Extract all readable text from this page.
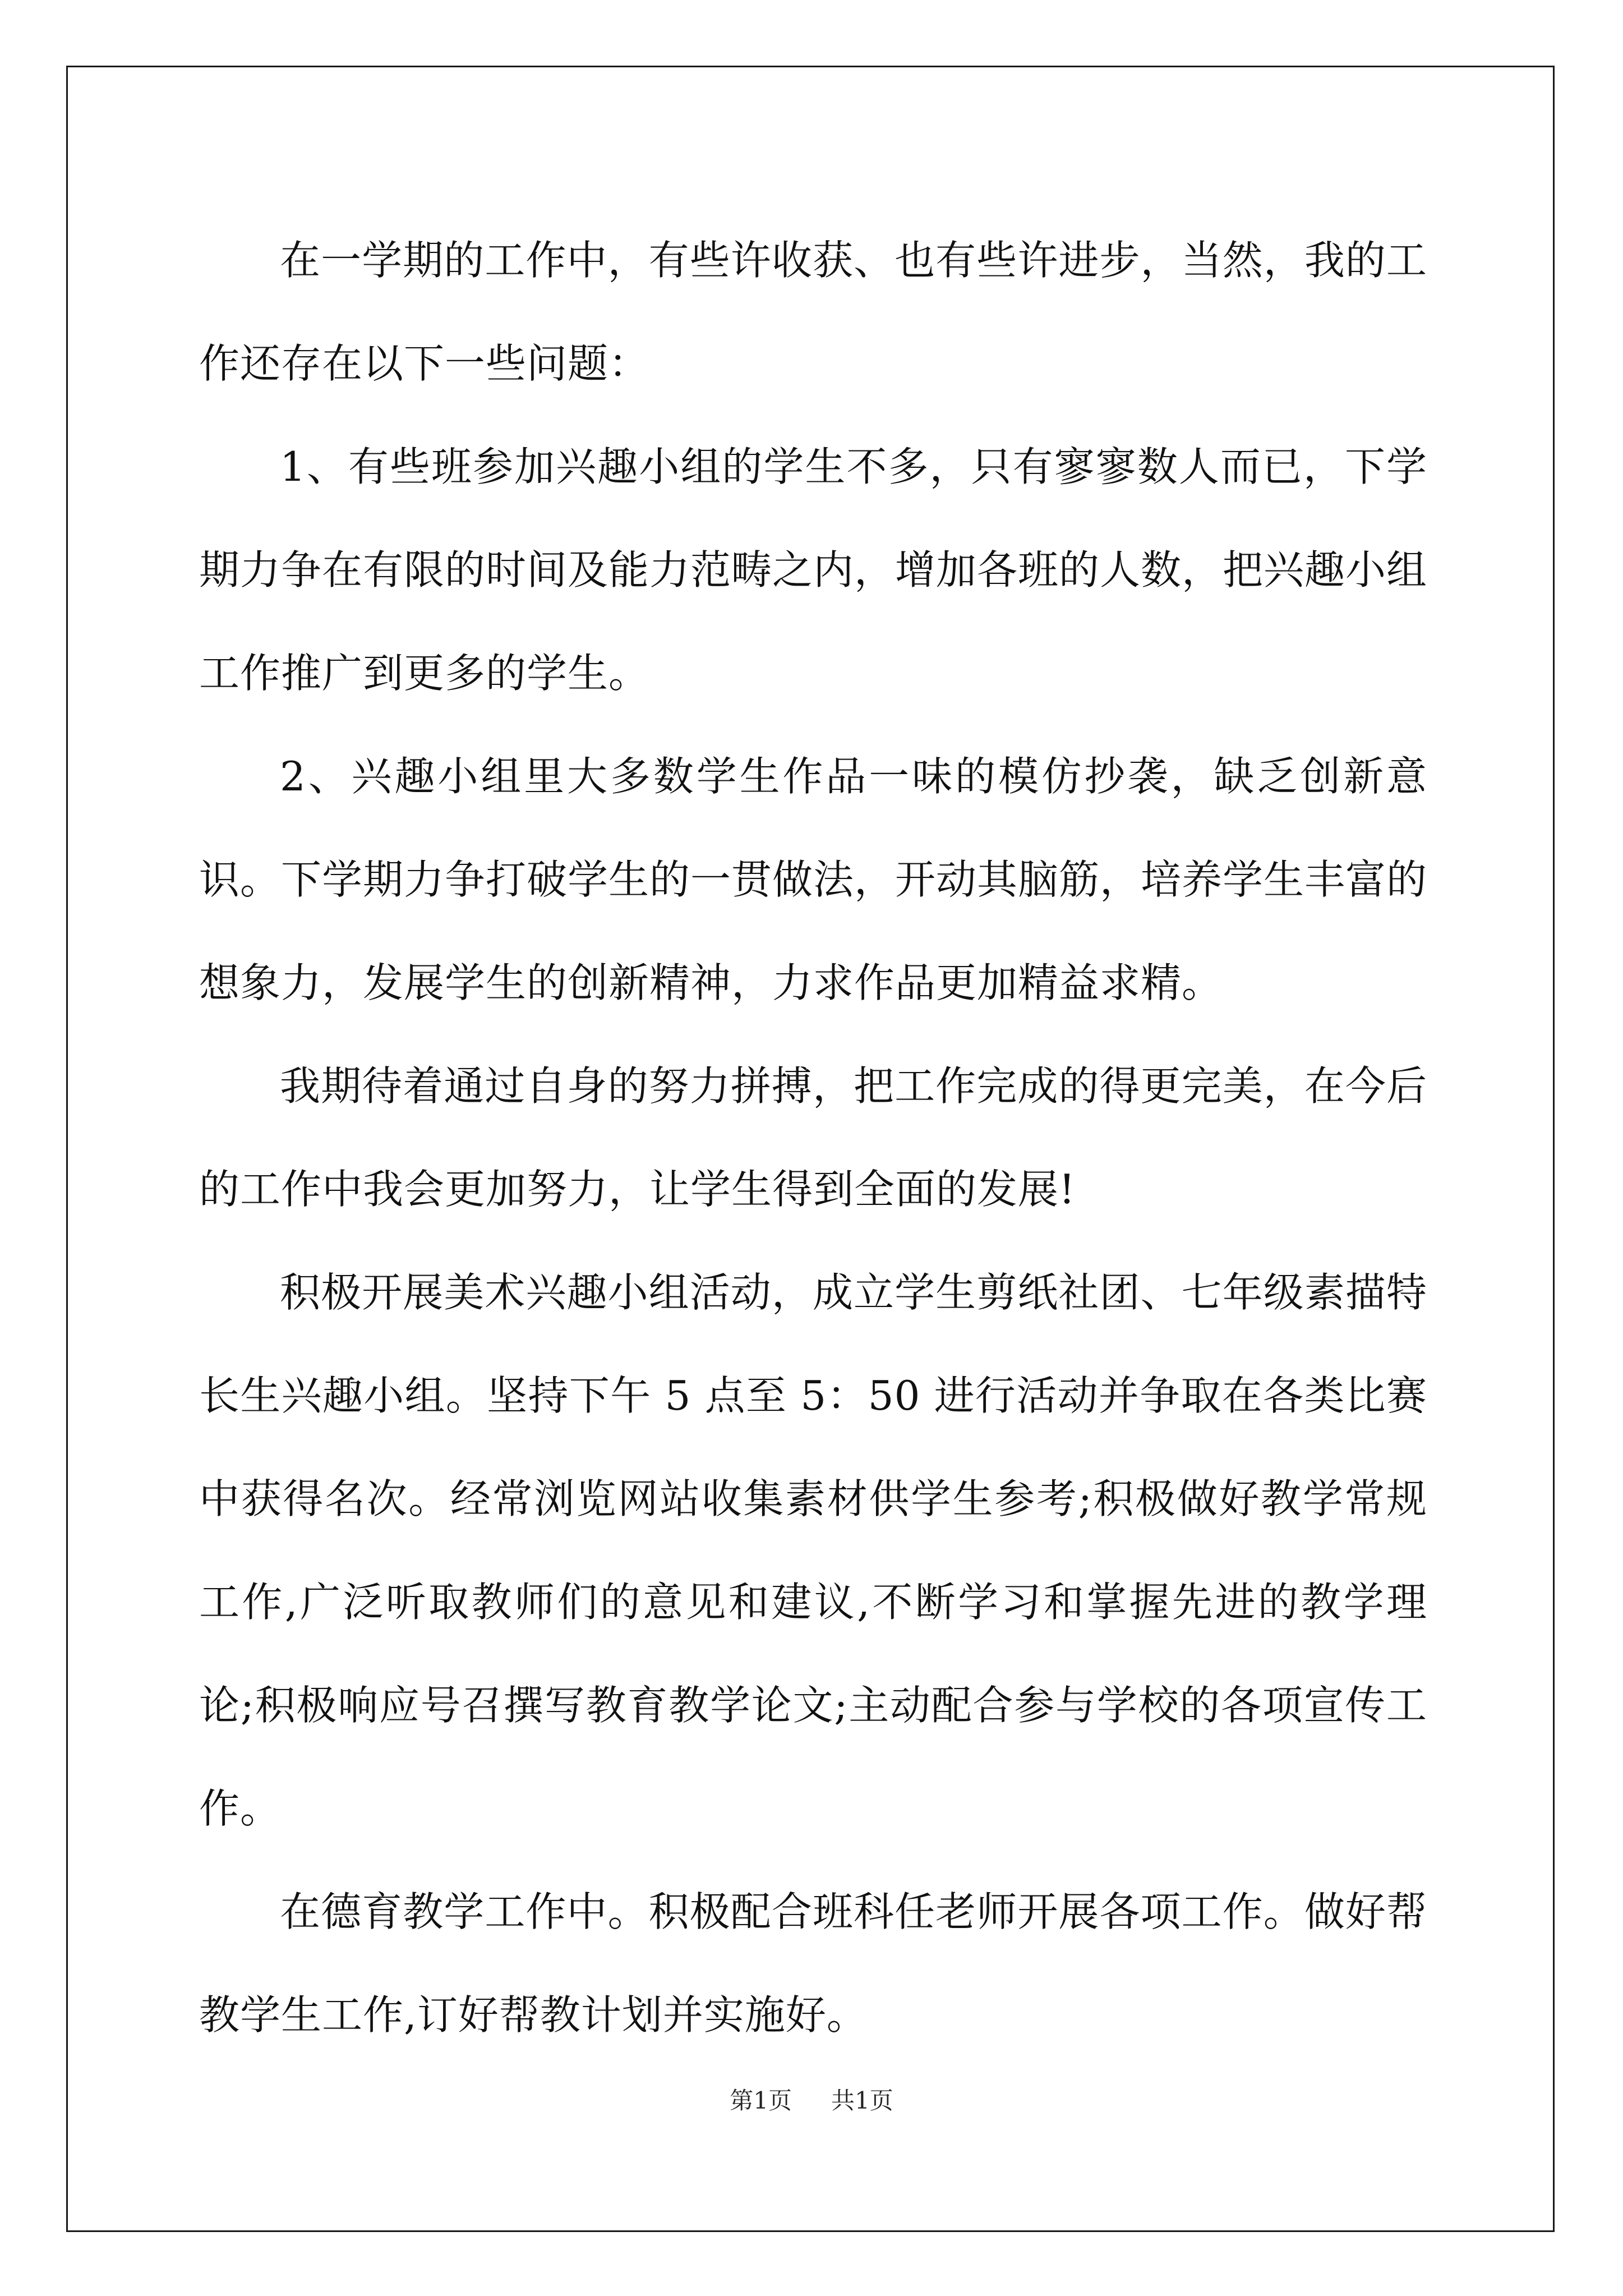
在一学期的工作中，有些许收获、也有些许进步，当然，我的工作还存在以下一些问题：

1、有些班参加兴趣小组的学生不多，只有寥寥数人而已，下学期力争在有限的时间及能力范畴之内，增加各班的人数，把兴趣小组工作推广到更多的学生。

2、兴趣小组里大多数学生作品一味的模仿抄袭，缺乏创新意识。下学期力争打破学生的一贯做法，开动其脑筋，培养学生丰富的想象力，发展学生的创新精神，力求作品更加精益求精。

我期待着通过自身的努力拼搏，把工作完成的得更完美，在今后的工作中我会更加努力，让学生得到全面的发展!

积极开展美术兴趣小组活动，成立学生剪纸社团、七年级素描特长生兴趣小组。坚持下午 5 点至 5：50 进行活动并争取在各类比赛中获得名次。经常浏览网站收集素材供学生参考;积极做好教学常规工作,广泛听取教师们的意见和建议,不断学习和掌握先进的教学理论;积极响应号召撰写教育教学论文;主动配合参与学校的各项宣传工作。

在德育教学工作中。积极配合班科任老师开展各项工作。做好帮教学生工作,订好帮教计划并实施好。

第1页 共1页
